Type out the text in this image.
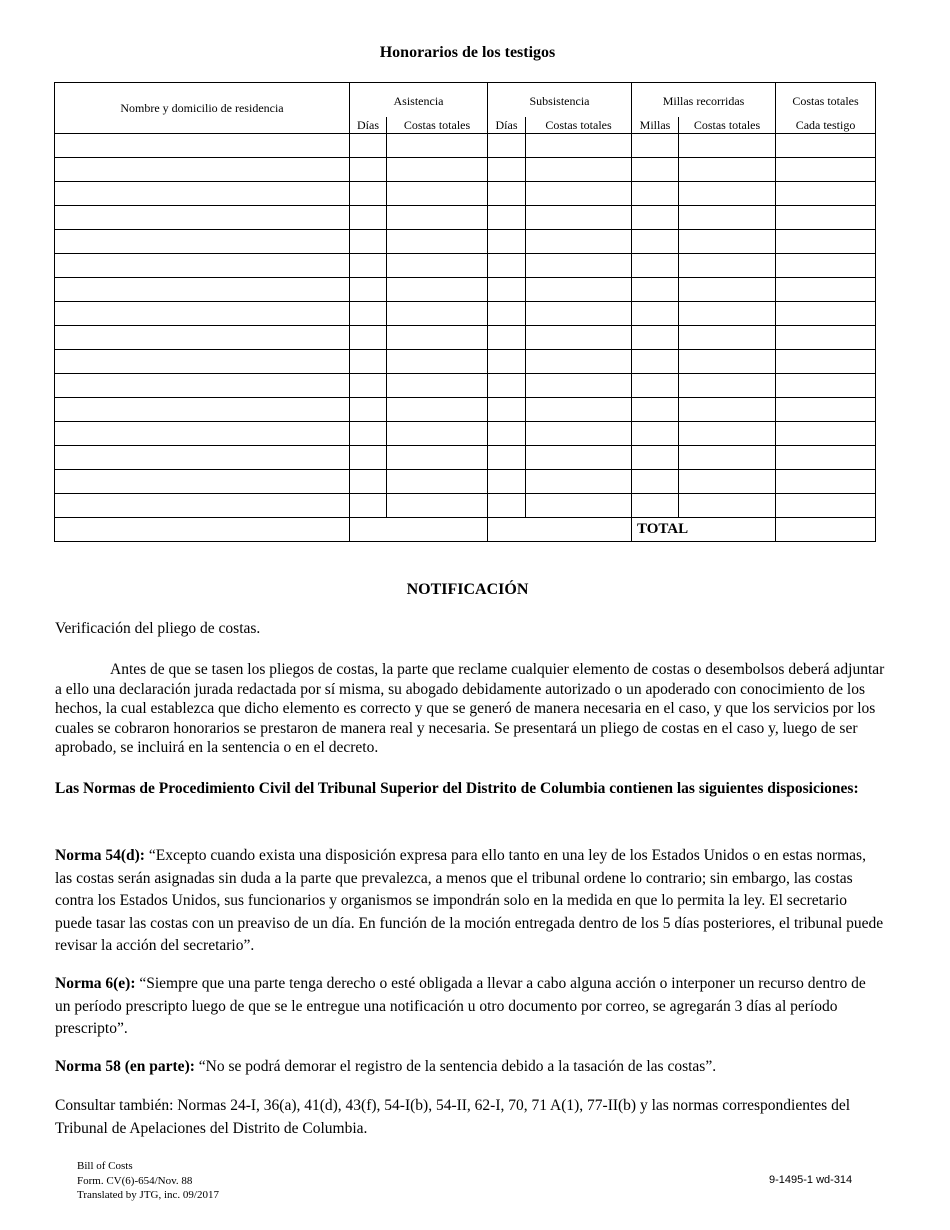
Honorarios de los testigos
Nombre y domicilio de residencia	Asistencia		Subsistencia		Millas recorridas		Costas totales
	Días	Costas totales	Días	Costas totales	Millas	Costas totales	Cada testigo

					TOTAL		
NOTIFICACIÓN

Verificación del pliego de costas.

Antes de que se tasen los pliegos de costas, la parte que reclame cualquier elemento de costas o desembolsos deberá adjuntar a ello una declaración jurada redactada por sí misma, su abogado debidamente autorizado o un apoderado con conocimiento de los hechos, la cual establezca que dicho elemento es correcto y que se generó de manera necesaria en el caso, y que los servicios por los cuales se cobraron honorarios se prestaron de manera real y necesaria. Se presentará un pliego de costas en el caso y, luego de ser aprobado, se incluirá en la sentencia o en el decreto.

Las Normas de Procedimiento Civil del Tribunal Superior del Distrito de Columbia contienen las siguientes disposiciones:

Norma 54(d): “Excepto cuando exista una disposición expresa para ello tanto en una ley de los Estados Unidos o en estas normas, las costas serán asignadas sin duda a la parte que prevalezca, a menos que el tribunal ordene lo contrario; sin embargo, las costas contra los Estados Unidos, sus funcionarios y organismos se impondrán solo en la medida en que lo permita la ley. El secretario puede tasar las costas con un preaviso de un día. En función de la moción entregada dentro de los 5 días posteriores, el tribunal puede revisar la acción del secretario”.

Norma 6(e): “Siempre que una parte tenga derecho o esté obligada a llevar a cabo alguna acción o interponer un recurso dentro de un período prescripto luego de que se le entregue una notificación u otro documento por correo, se agregarán 3 días al período prescripto”.

Norma 58 (en parte): “No se podrá demorar el registro de la sentencia debido a la tasación de las costas”.

Consultar también: Normas 24-I, 36(a), 41(d), 43(f), 54-I(b), 54-II, 62-I, 70, 71 A(1), 77-II(b) y las normas correspondientes del Tribunal de Apelaciones del Distrito de Columbia.

Bill of Costs
Form. CV(6)-654/Nov. 88
Translated by JTG, inc. 09/2017
9-1495-1 wd-314
